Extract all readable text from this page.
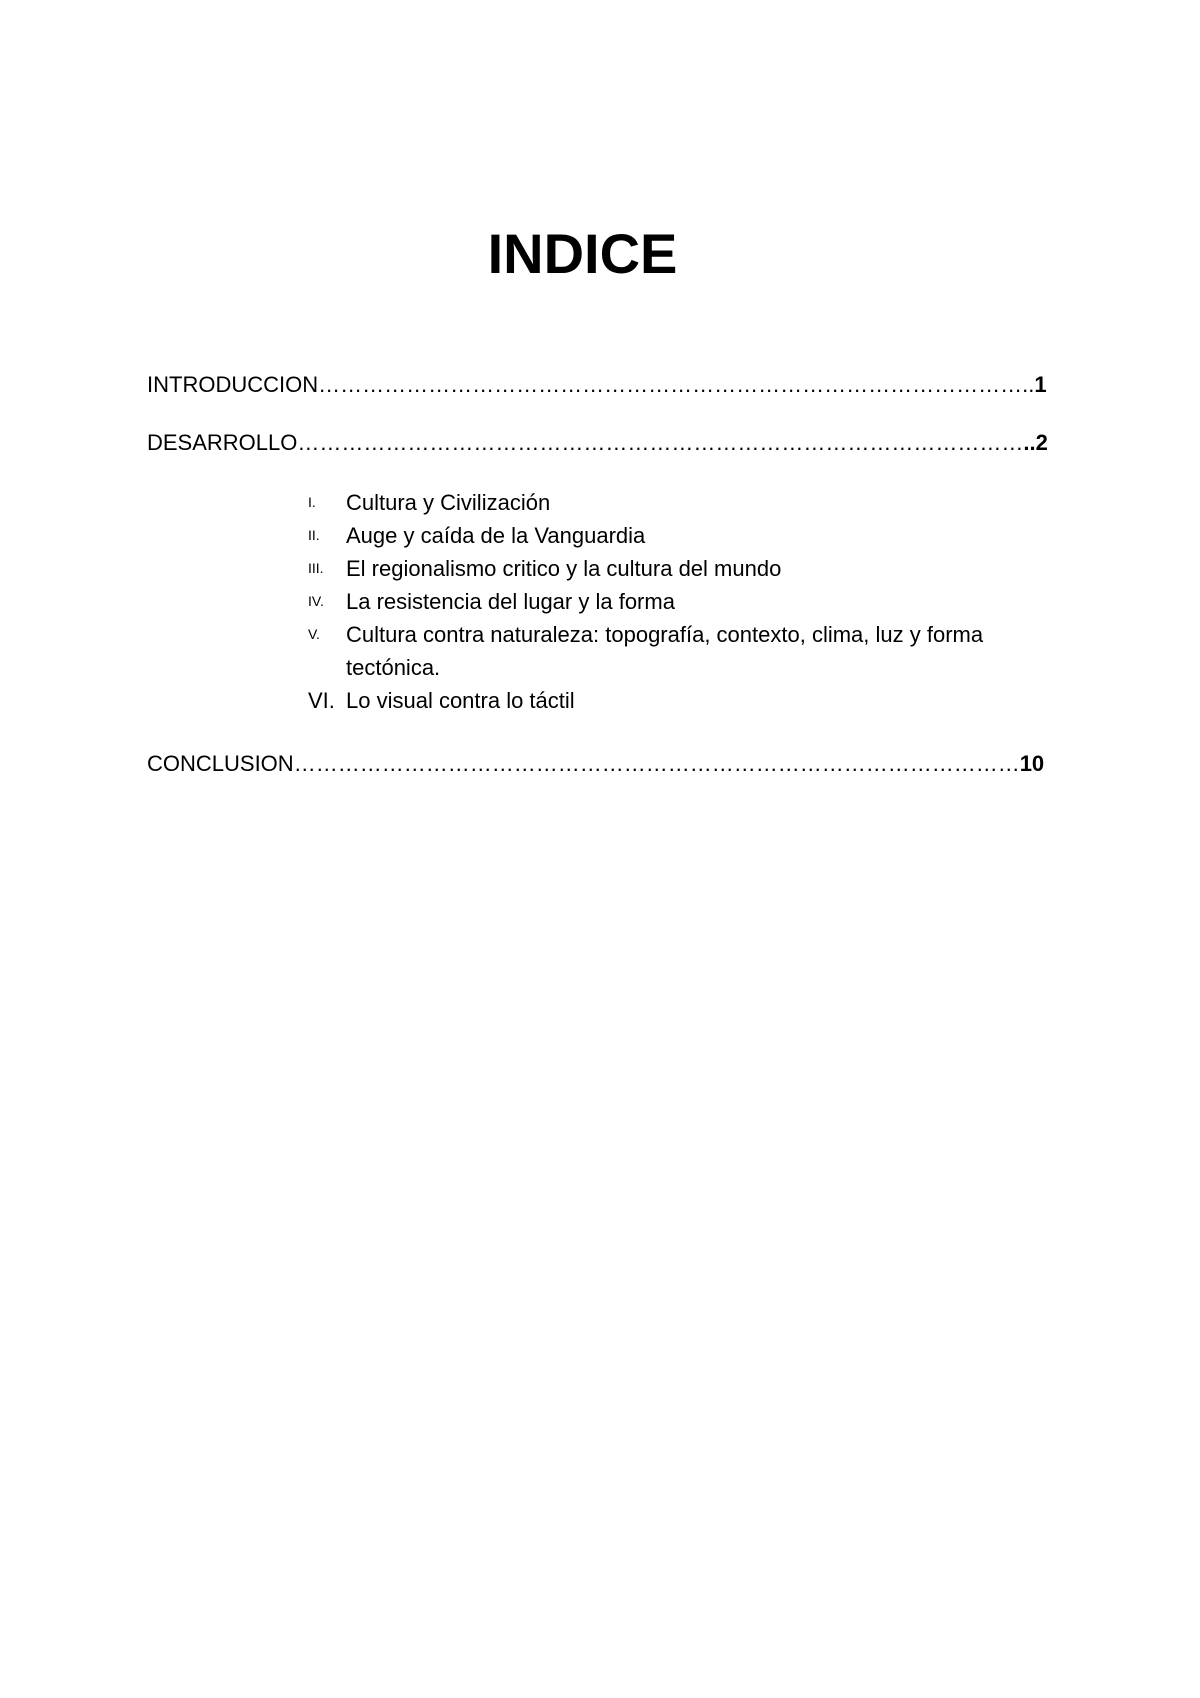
INDICE
INTRODUCCION……………………………………………………………………………………..1
DESARROLLO………………………………………………………………………………………..2
I.	Cultura y Civilización
II.	Auge y caída de la Vanguardia
III.	El regionalismo critico y la cultura del mundo
IV.	La resistencia del lugar y la forma
V.	Cultura contra naturaleza: topografía, contexto, clima, luz y forma tectónica.
VI. Lo visual contra lo táctil
CONCLUSION………………………………………………………………………………………10
